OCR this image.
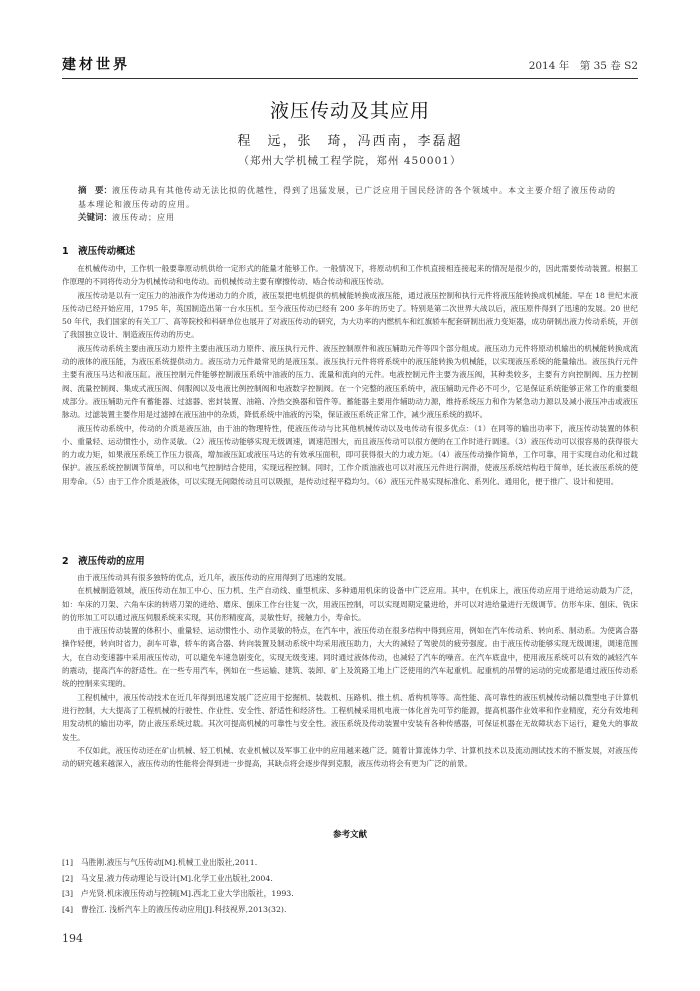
建材世界	2014 年　第 35 卷 S2
液压传动及其应用
程　远，张　琦，冯西南，李磊超
（郑州大学机械工程学院，郑州 450001）
摘　要：液压传动具有其他传动无法比拟的优越性，得到了迅猛发展，已广泛应用于国民经济的各个领域中。本文主要介绍了液压传动的基本理论和液压传动的应用。
关键词：液压传动；应用
1　液压传动概述

在机械传动中，工作机一般要靠原动机供给一定形式的能量才能够工作。一般情况下，将原动机和工作机直接相连接起来的情况是很少的，因此需要传动装置。根据工作原理的不同将传动分为机械传动和电传动。而机械传动主要有摩擦传动、啮合传动和液压传动。

液压传动是以有一定压力的油液作为传递动力的介质，液压泵把电机提供的机械能转换成液压能，通过液压控制和执行元件将液压能转换成机械能。早在 18 世纪末液压传动已经开始应用，1795 年，英国制造出第一台水压机。至今液压传动已经有 200 多年的历史了。特别是第二次世界大战以后，液压原件得到了迅速的发展。20 世纪 50 年代，我们国家的有关工厂、高等院校和科研单位也展开了对液压传动的研究，为大功率的内燃机车和红旗轿车配套研制出液力变矩器，成功研制出液力传动系统，开创了我国独立设计、制造液压传动的历史。

液压传动系统主要由液压动力原件主要由液压动力原件、液压执行元件、液压控制原件和液压辅助元件等四个部分组成。液压动力元件将原动机输出的机械能转换成流动的液体的液压能，为液压系统提供动力。液压动力元件最常见的是液压泵。液压执行元件将将系统中的液压能转换为机械能，以实现液压系统的能量输出。液压执行元件主要有液压马达和液压缸。液压控制元件能够控制液压系统中油液的压力、流量和流向的元件。电液控制元件主要为液压阀，其种类较多，主要有方向控制阀、压力控制阀、流量控制阀、集成式液压阀、伺服阀以及电液比例控制阀和电液数字控制阀。在一个完整的液压系统中，液压辅助元件必不可少，它是保证系统能够正常工作的重要组成部分。液压辅助元件有蓄能器、过滤器、密封装置、油箱、冷热交换器和管件等。蓄能器主要用作辅助动力源，维持系统压力和作为紧急动力源以及减小液压冲击或液压脉动。过滤装置主要作用是过滤掉在液压油中的杂质，降低系统中油液的污染，保证液压系统正常工作，减少液压系统的损坏。

液压传动系统中，传动的介质是液压油，由于油的物理特性，使液压传动与比其他机械传动以及电传动有很多优点：（1）在同等的输出功率下，液压传动装置的体积小、重量轻、运动惯性小，动作灵敏。（2）液压传动能够实现无级调速，调速范围大，而且液压传动可以很方便的在工作时进行调速。（3）液压传动可以很容易的获得很大的力或力矩，如果液压系统工作压力很高，增加液压缸或液压马达的有效承压面积，即可获得很大的力或力矩。（4）液压传动操作简单，工作可靠，用于实现自动化和过载保护。液压系统控制调节简单，可以和电气控制结合使用，实现远程控制。同时，工作介质油液也可以对液压元件进行润滑，使液压系统结构趋于简单，延长液压系统的使用寿命。（5）由于工作介质是液体，可以实现无间隙传动且可以吸振，是传动过程平稳均匀。（6）液压元件易实现标准化、系列化、通用化，便于推广、设计和使用。

2　液压传动的应用

由于液压传动具有很多独特的优点，近几年，液压传动的应用得到了迅速的发展。

在机械制造领域，液压传动在加工中心、压力机、生产自动线、重型机床、多种通用机床的设备中广泛应用。其中，在机床上，液压传动应用于进给运动最为广泛，如：车床的刀架、六角车床的转塔刀架的进给、磨床、刨床工作台往复一次，用液压控制，可以实现周期定量进给，并可以对进给量进行无级调节。仿形车床、刨床、铣床的仿形加工可以通过液压伺服系统来实现，其仿形精度高，灵敏性好，接触力小，寿命长。

由于液压传动装置的体积小、重量轻、运动惯性小、动作灵敏的特点，在汽车中，液压传动在很多结构中得到应用，例如在汽车传动系、转向系、制动系。为使离合器操作轻便，转向时省力，刹车可靠，轿车的离合器、转向装置及制动系统中均采用液压助力，大大的减轻了驾驶员的疲劳强度。由于液压传动能够实现无级调速，调速范围大，在自动变速器中采用液压传动，可以避免车速急剧变化，实现无级变速。同时通过液体传动，也减轻了汽车的噪音。在汽车底盘中，使用液压系统可以有效的减轻汽车的震动，提高汽车的舒适性。在一些专用汽车，例如在一些运输、建筑、装卸、矿上及筑路工地上广泛使用的汽车起重机。起重机的吊臂的运动的完成都是通过液压传动系统的控制来实现的。

工程机械中，液压传动技术在近几年得到迅速发展广泛应用于挖掘机、装载机、压路机、推土机、盾构机等等。高性能、高可靠性的液压机械传动辅以微型电子计算机进行控制，大大提高了工程机械的行驶性、作业性、安全性、舒适性和经济性。工程机械采用机电液一体化首先可节约能源，提高机器作业效率和作业精度，充分有效地利用发动机的输出功率，防止液压系统过载。其次可提高机械的可靠性与安全性。液压系统及传动装置中安装有各种传感器，可保证机器在无故障状态下运行，避免大的事故发生。

不仅如此，液压传动还在矿山机械、轻工机械、农业机械以及军事工业中的应用越来越广泛。随着计算流体力学、计算机技术以及流动测试技术的不断发展，对液压传动的研究越来越深入，液压传动的性能将会得到进一步提高，其缺点将会逐步得到克服，液压传动将会有更为广泛的前景。

参考文献
[1]　马胜刚.液压与气压传动[M].机械工业出版社,2011.
[2]　马文星.液力传动理论与设计[M].化学工业出版社,2004.
[3]　卢光贤.机床液压传动与控制[M].西北工业大学出版社，1993.
[4]　曹拴江. 浅析汽车上的液压传动应用[J].科技视界,2013(32).
194
